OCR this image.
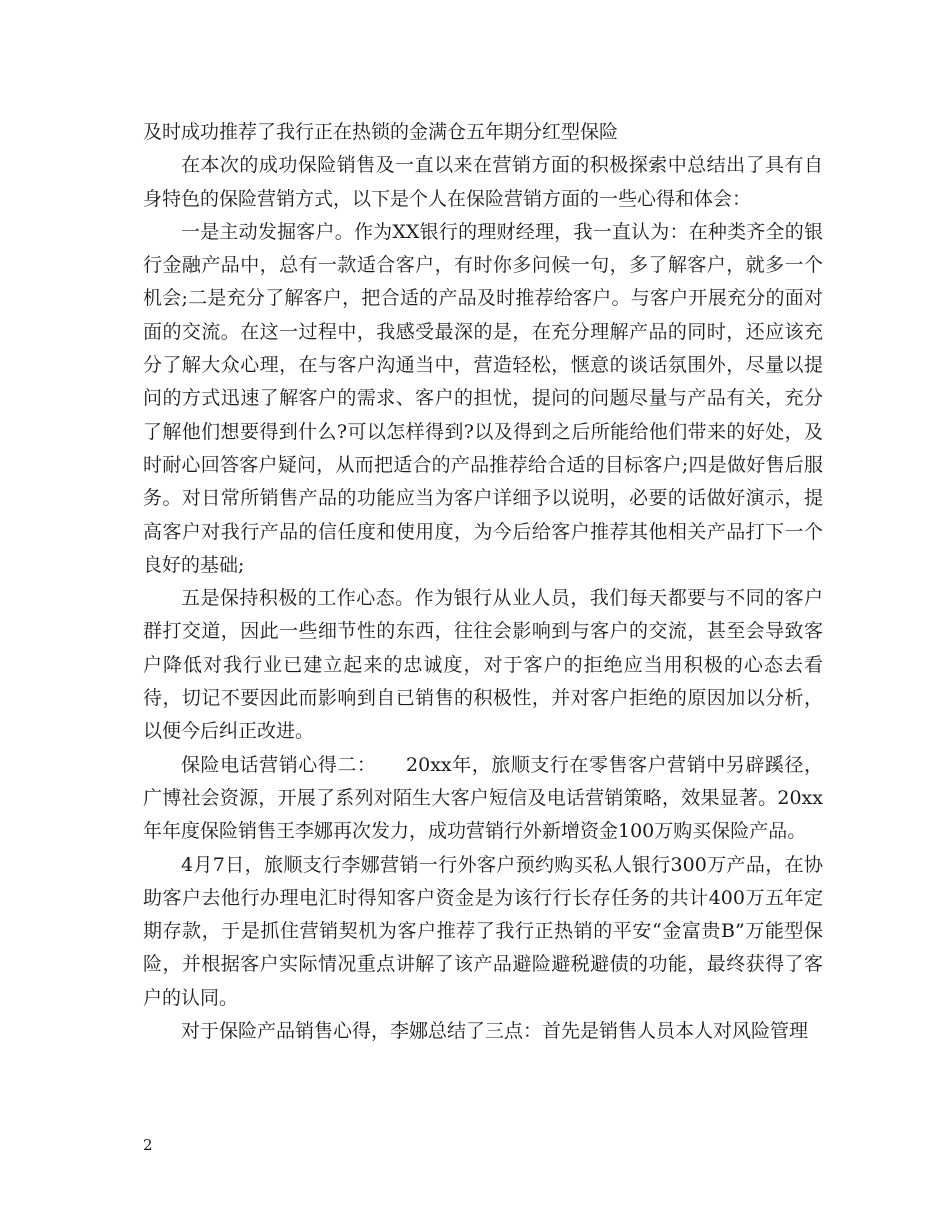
及时成功推荐了我行正在热锁的金满仓五年期分红型保险

在本次的成功保险销售及一直以来在营销方面的积极探索中总结出了具有自身特色的保险营销方式，以下是个人在保险营销方面的一些心得和体会：

一是主动发掘客户。作为XX银行的理财经理，我一直认为：在种类齐全的银行金融产品中，总有一款适合客户，有时你多问候一句，多了解客户，就多一个机会;二是充分了解客户，把合适的产品及时推荐给客户。与客户开展充分的面对面的交流。在这一过程中，我感受最深的是，在充分理解产品的同时，还应该充分了解大众心理，在与客户沟通当中，营造轻松，惬意的谈话氛围外，尽量以提问的方式迅速了解客户的需求、客户的担忧，提问的问题尽量与产品有关，充分了解他们想要得到什么?可以怎样得到?以及得到之后所能给他们带来的好处，及时耐心回答客户疑问，从而把适合的产品推荐给合适的目标客户;四是做好售后服务。对日常所销售产品的功能应当为客户详细予以说明，必要的话做好演示，提高客户对我行产品的信任度和使用度，为今后给客户推荐其他相关产品打下一个良好的基础;

五是保持积极的工作心态。作为银行从业人员，我们每天都要与不同的客户群打交道，因此一些细节性的东西，往往会影响到与客户的交流，甚至会导致客户降低对我行业已建立起来的忠诚度，对于客户的拒绝应当用积极的心态去看待，切记不要因此而影响到自已销售的积极性，并对客户拒绝的原因加以分析，以便今后纠正改进。

保险电话营销心得二：　　20xx年，旅顺支行在零售客户营销中另辟蹊径，广博社会资源，开展了系列对陌生大客户短信及电话营销策略，效果显著。20xx年年度保险销售王李娜再次发力，成功营销行外新增资金100万购买保险产品。

4月7日，旅顺支行李娜营销一行外客户预约购买私人银行300万产品，在协助客户去他行办理电汇时得知客户资金是为该行行长存任务的共计400万五年定期存款，于是抓住营销契机为客户推荐了我行正热销的平安“金富贵B”万能型保险，并根据客户实际情况重点讲解了该产品避险避税避债的功能，最终获得了客户的认同。

对于保险产品销售心得，李娜总结了三点：首先是销售人员本人对风险管理

2
